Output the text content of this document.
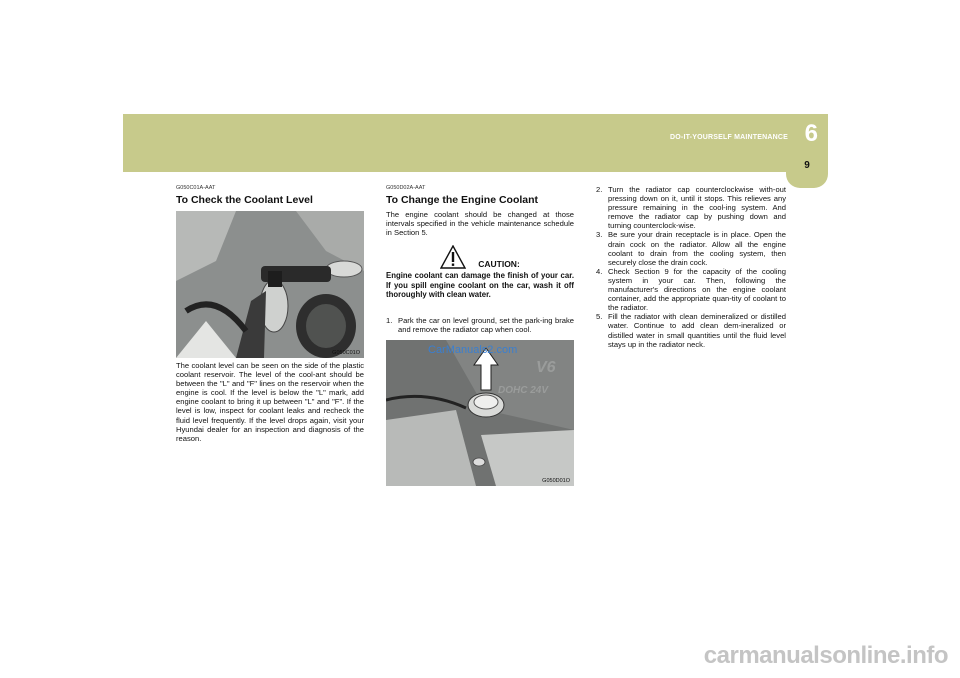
DO-IT-YOURSELF MAINTENANCE 6
9
G050C01A-AAT
To Check the Coolant Level
G050C01O
The coolant level can be seen on the side of the plastic coolant reservoir. The level of the cool-ant should be between the "L" and "F" lines on the reservoir when the engine is cool. If the level is below the "L" mark, add engine coolant to bring it up between "L" and "F". If the level is low, inspect for coolant leaks and recheck the fluid level frequently. If the level drops again, visit your Hyundai dealer for an inspection and diagnosis of the reason.
G050D02A-AAT
To Change the Engine Coolant
The engine coolant should be changed at those intervals specified in the vehicle maintenance schedule in Section 5.
CAUTION:
Engine coolant can damage the finish of your car. If you spill engine coolant on the car, wash it off thoroughly with clean water.
1. Park the car on level ground, set the park-ing brake and remove the radiator cap when cool.
V6
DOHC 24V
G050D01O
CarManuals2.com
2. Turn the radiator cap counterclockwise with-out pressing down on it, until it stops. This relieves any pressure remaining in the cool-ing system. And remove the radiator cap by pushing down and turning counterclock-wise.
3. Be sure your drain receptacle is in place. Open the drain cock on the radiator. Allow all the engine coolant to drain from the cooling system, then securely close the drain cock.
4. Check Section 9 for the capacity of the cooling system in your car. Then, following the manufacturer's directions on the engine coolant container, add the appropriate quan-tity of coolant to the radiator.
5. Fill the radiator with clean demineralized or distilled water. Continue to add clean dem-ineralized or distilled water in small quantities until the fluid level stays up in the radiator neck.
carmanualsonline.info
